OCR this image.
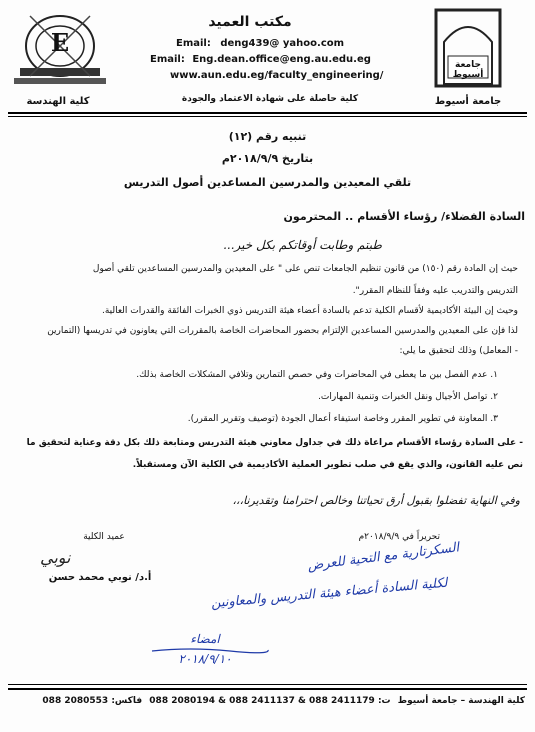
E
كلية الهندسة
جامعة أسيوط
جامعة أسيوط
مكتب العميد
Email: deng439@ yahoo.com
Email: Eng.dean.office@eng.au.edu.eg
www.aun.edu.eg/faculty_engineering/
كلية حاصلة على شهادة الاعتماد والجودة
تنبيه رقم (١٢)
بتاريخ ٢٠١٨/٩/٩م
تلقي المعيدين والمدرسين المساعدين أصول التدريس
السادة الفضلاء/ رؤساء الأقسام .. المحترمون
طبتم وطابت أوقاتكم بكل خير...
حيث إن المادة رقم (١٥٠) من قانون تنظيم الجامعات تنص على " على المعيدين والمدرسين المساعدين تلقي أصول
التدريس والتدريب عليه وفقاً للنظام المقرر".
وحيث إن البيئة الأكاديمية لأقسام الكلية تدعم بالسادة أعضاء هيئة التدريس ذوي الخبرات الفائقة والقدرات العالية.
لذا فإن على المعيدين والمدرسين المساعدين الإلتزام بحضور المحاضرات الخاصة بالمقررات التي يعاونون في تدريسها (التمارين
- المعامل) وذلك لتحقيق ما يلي:
١. عدم الفصل بين ما يعطى في المحاضرات وفي حصص التمارين وتلافي المشكلات الخاصة بذلك.
٢. تواصل الأجيال ونقل الخبرات وتنمية المهارات.
٣. المعاونة في تطوير المقرر وخاصة استيفاء أعمال الجودة (توصيف وتقرير المقرر).
- على السادة رؤساء الأقسام مراعاة ذلك في جداول معاوني هيئة التدريس ومتابعة ذلك بكل دقة وعناية لتحقيق ما
نص عليه القانون، والذي يقع في صلب تطوير العملية الأكاديمية في الكلية الآن ومستقبلاً.
وفي النهاية تفضلوا بقبول أرق تحياتنا وخالص احترامنا وتقديرنا،،،
تحريراً في ٢٠١٨/٩/٩م
عميد الكلية
نوبي
أ.د/ نوبي محمد حسن
السكرتارية مع التحية للعرض
لكلية السادة أعضاء هيئة التدريس والمعاونين
امضاء
٢٠١٨/٩/١٠
كلية الهندسة – جامعة أسيوط ت: 088 2080194 & 088 2411137 & 088 2411179 فاكس: 088 2080553
